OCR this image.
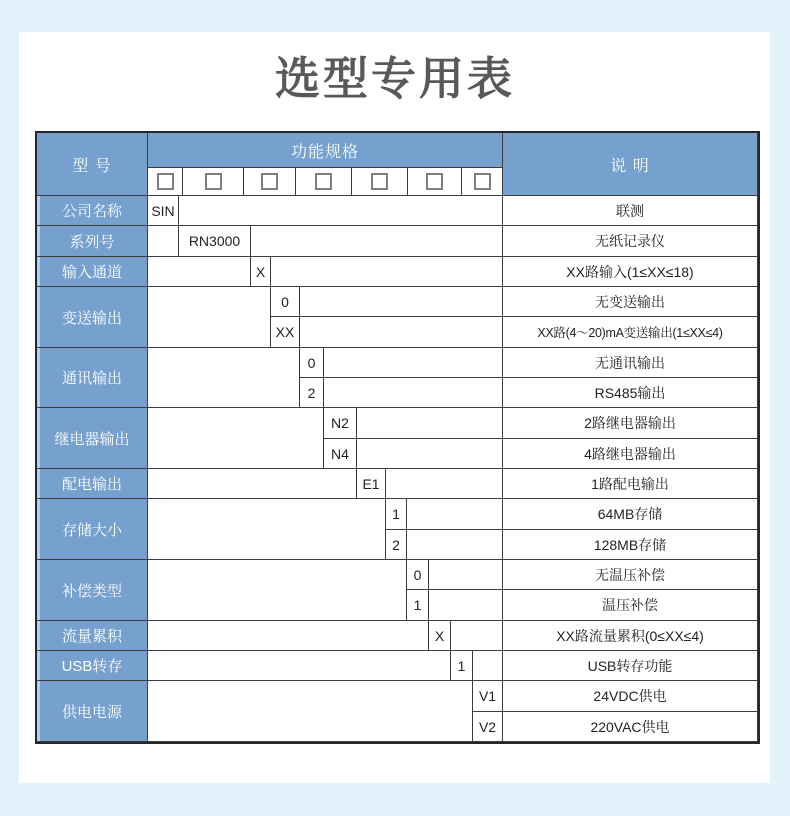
选型专用表
型 号
功能规格
说 明
公司名称
系列号
输入通道
变送输出
通讯输出
继电器输出
配电输出
存储大小
补偿类型
流量累积
USB转存
供电电源
SIN
RN3000
X
0
XX
0
2
N2
N4
E1
1
2
0
1
X
1
V1
V2
联测
无纸记录仪
XX路输入(1≤XX≤18)
无变送输出
XX路(4～20)mA变送输出(1≤XX≤4)
无通讯输出
RS485输出
2路继电器输出
4路继电器输出
1路配电输出
64MB存储
128MB存储
无温压补偿
温压补偿
XX路流量累积(0≤XX≤4)
USB转存功能
24VDC供电
220VAC供电
